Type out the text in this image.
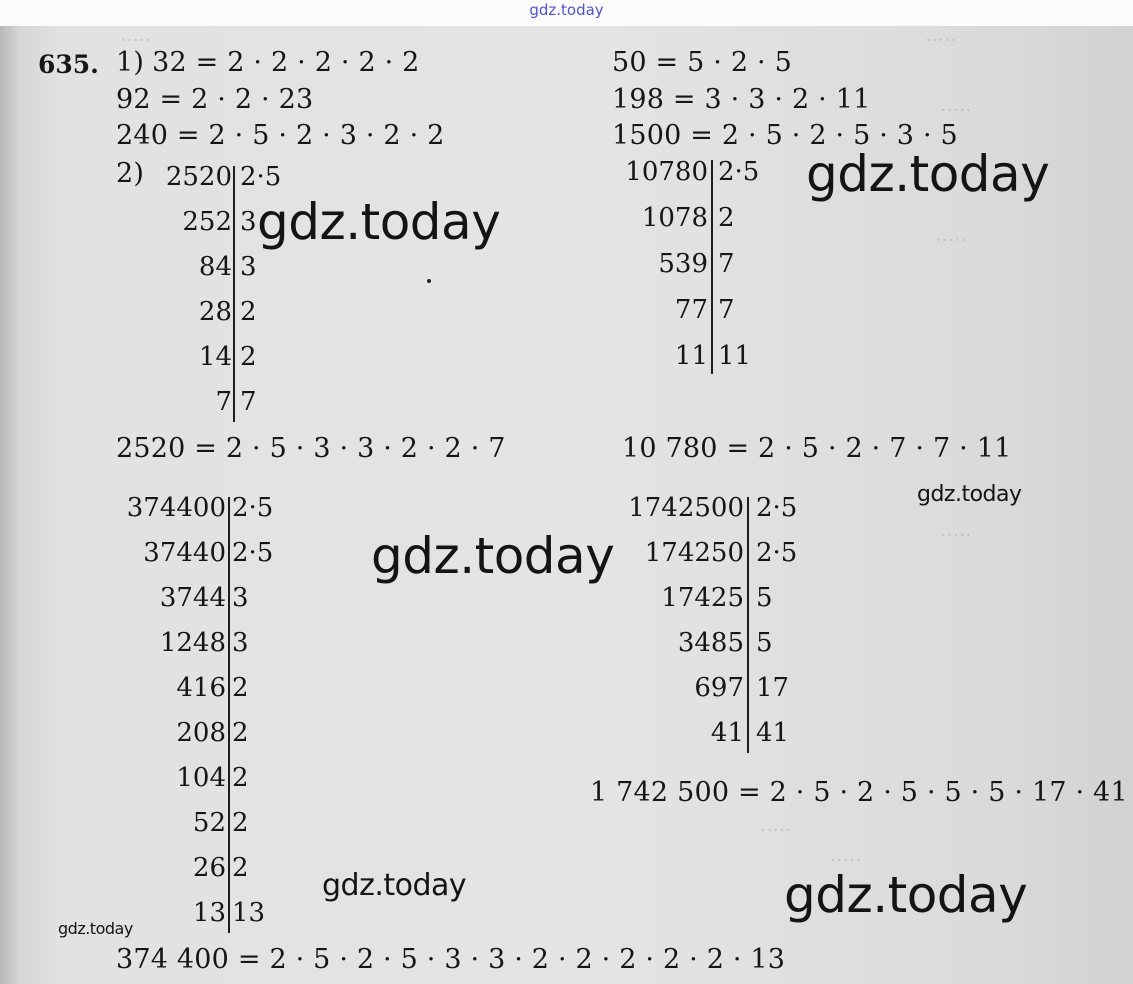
gdz.today
·····
·····
·····
·····
·····
·····
·····
635. 1) 32 = 2 · 2 · 2 · 2 · 2
92 = 2 · 2 · 23
240 = 2 · 5 · 2 · 3 · 2 · 2
50 = 5 · 2 · 5
198 = 3 · 3 · 2 · 11
1500 = 2 · 5 · 2 · 5 · 3 · 5
2) 2520 2·5
252 3
84 3
28 2
14 2
7 7
2520 = 2 · 5 · 3 · 3 · 2 · 2 · 7
10780 2·5
1078 2
539 7
77 7
11 11
10 780 = 2 · 5 · 2 · 7 · 7 · 11
374400 2·5
37440 2·5
3744 3
1248 3
416 2
208 2
104 2
52 2
26 2
13 13
374 400 = 2 · 5 · 2 · 5 · 3 · 3 · 2 · 2 · 2 · 2 · 2 · 13
1742500 2·5
174250 2·5
17425 5
3485 5
697 17
41 41
1 742 500 = 2 · 5 · 2 · 5 · 5 · 5 · 17 · 41
gdz.today
gdz.today
gdz.today
gdz.today
gdz.today	gdz.today
gdz.today
